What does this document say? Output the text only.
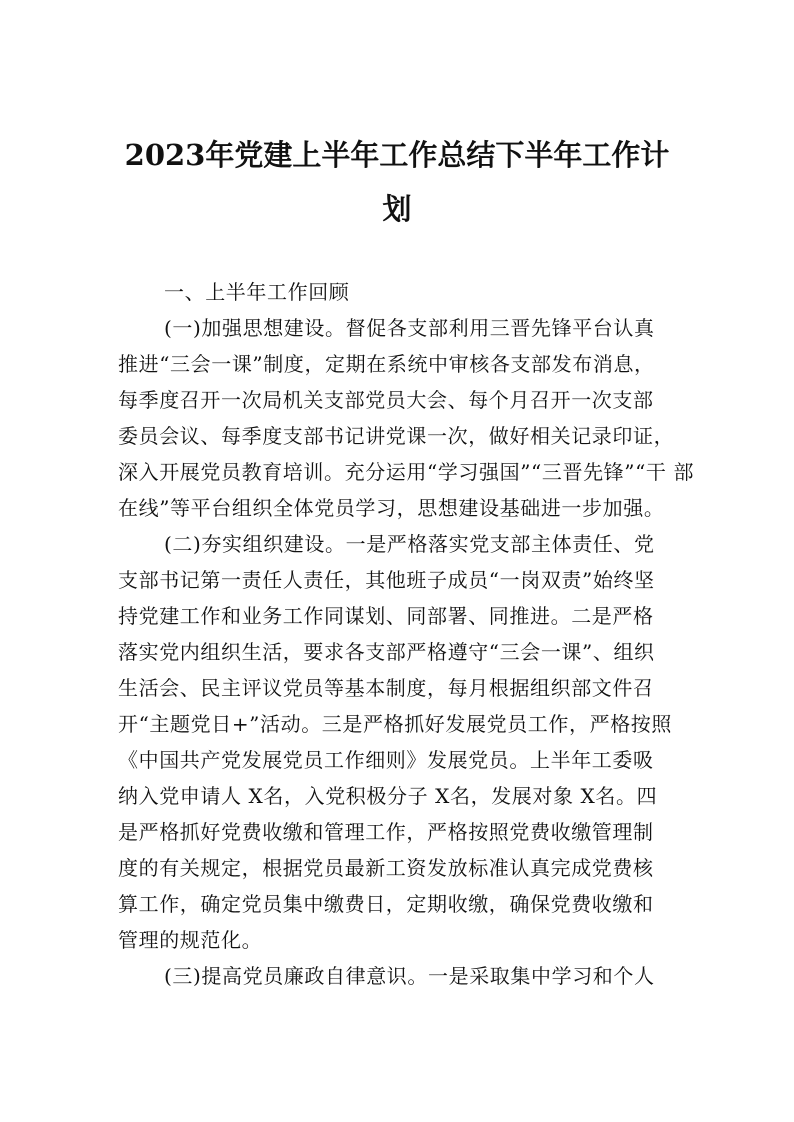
2023年党建上半年工作总结下半年工作计
划
一、上半年工作回顾
(一)加强思想建设。督促各支部利用三晋先锋平台认真
推进“三会一课”制度，定期在系统中审核各支部发布消息，
每季度召开一次局机关支部党员大会、每个月召开一次支部
委员会议、每季度支部书记讲党课一次，做好相关记录印证，
深入开展党员教育培训。充分运用“学习强国”“三晋先锋”“干 部
在线”等平台组织全体党员学习，思想建设基础进一步加强。
(二)夯实组织建设。一是严格落实党支部主体责任、党
支部书记第一责任人责任，其他班子成员“一岗双责”始终坚
持党建工作和业务工作同谋划、同部署、同推进。二是严格
落实党内组织生活，要求各支部严格遵守“三会一课”、组织
生活会、民主评议党员等基本制度，每月根据组织部文件召
开“主题党日+”活动。三是严格抓好发展党员工作，严格按照
《中国共产党发展党员工作细则》发展党员。上半年工委吸
纳入党申请人 X名，入党积极分子 X名，发展对象 X名。四
是严格抓好党费收缴和管理工作，严格按照党费收缴管理制
度的有关规定，根据党员最新工资发放标准认真完成党费核
算工作，确定党员集中缴费日，定期收缴，确保党费收缴和
管理的规范化。
(三)提高党员廉政自律意识。一是采取集中学习和个人
